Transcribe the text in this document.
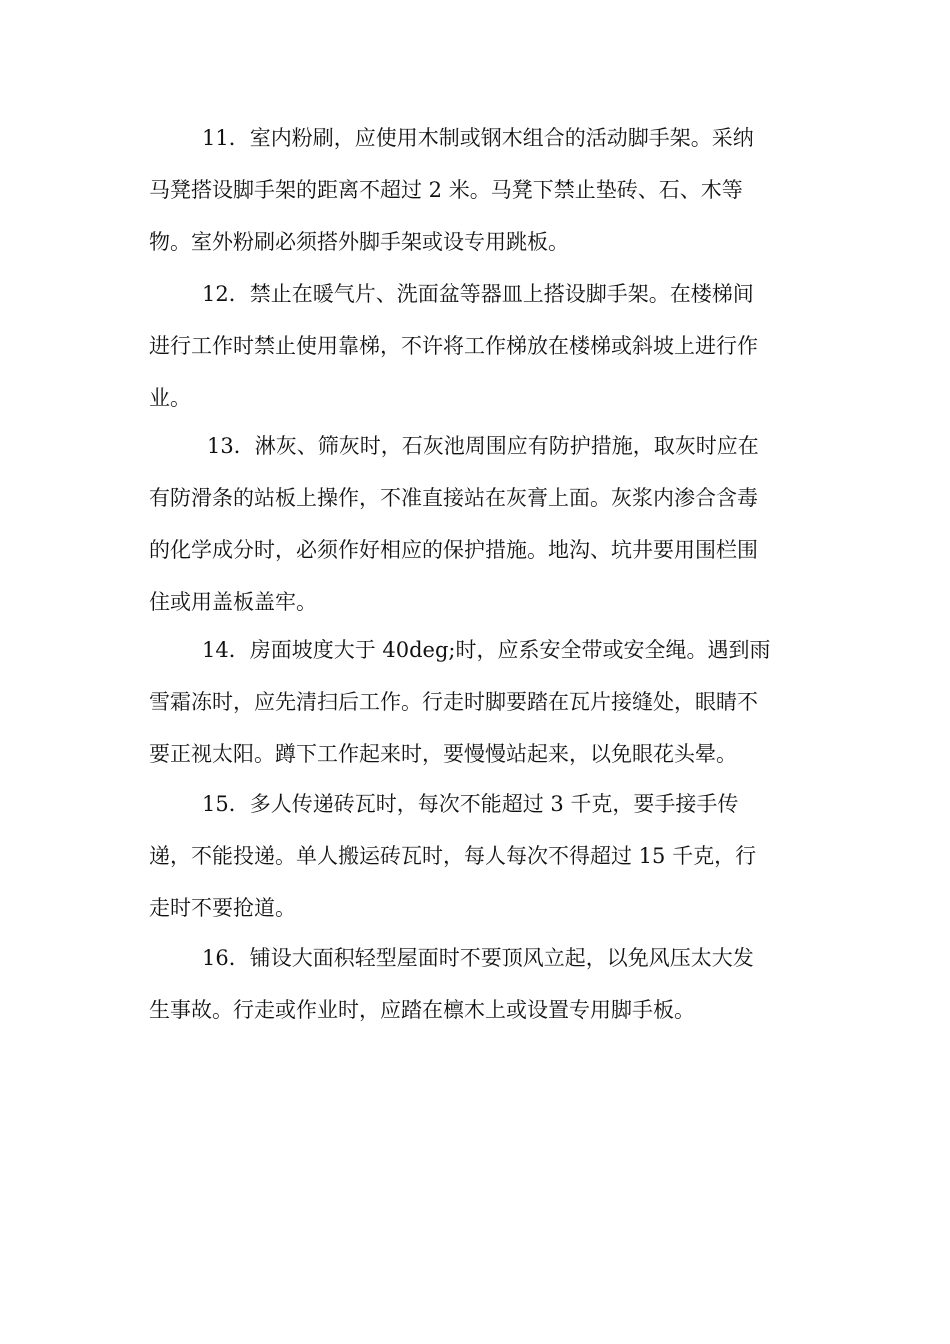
11．室内粉刷，应使用木制或钢木组合的活动脚手架。采纳
马凳搭设脚手架的距离不超过 2 米。马凳下禁止垫砖、石、木等
物。室外粉刷必须搭外脚手架或设专用跳板。
12．禁止在暖气片、洗面盆等器皿上搭设脚手架。在楼梯间
进行工作时禁止使用靠梯，不许将工作梯放在楼梯或斜坡上进行作
业。
13．淋灰、筛灰时，石灰池周围应有防护措施，取灰时应在
有防滑条的站板上操作，不准直接站在灰膏上面。灰浆内渗合含毒
的化学成分时，必须作好相应的保护措施。地沟、坑井要用围栏围
住或用盖板盖牢。
14．房面坡度大于 40deg;时，应系安全带或安全绳。遇到雨
雪霜冻时，应先清扫后工作。行走时脚要踏在瓦片接缝处，眼睛不
要正视太阳。蹲下工作起来时，要慢慢站起来，以免眼花头晕。
15．多人传递砖瓦时，每次不能超过 3 千克，要手接手传
递，不能投递。单人搬运砖瓦时，每人每次不得超过 15 千克，行
走时不要抢道。
16．铺设大面积轻型屋面时不要顶风立起，以免风压太大发
生事故。行走或作业时，应踏在檩木上或设置专用脚手板。
